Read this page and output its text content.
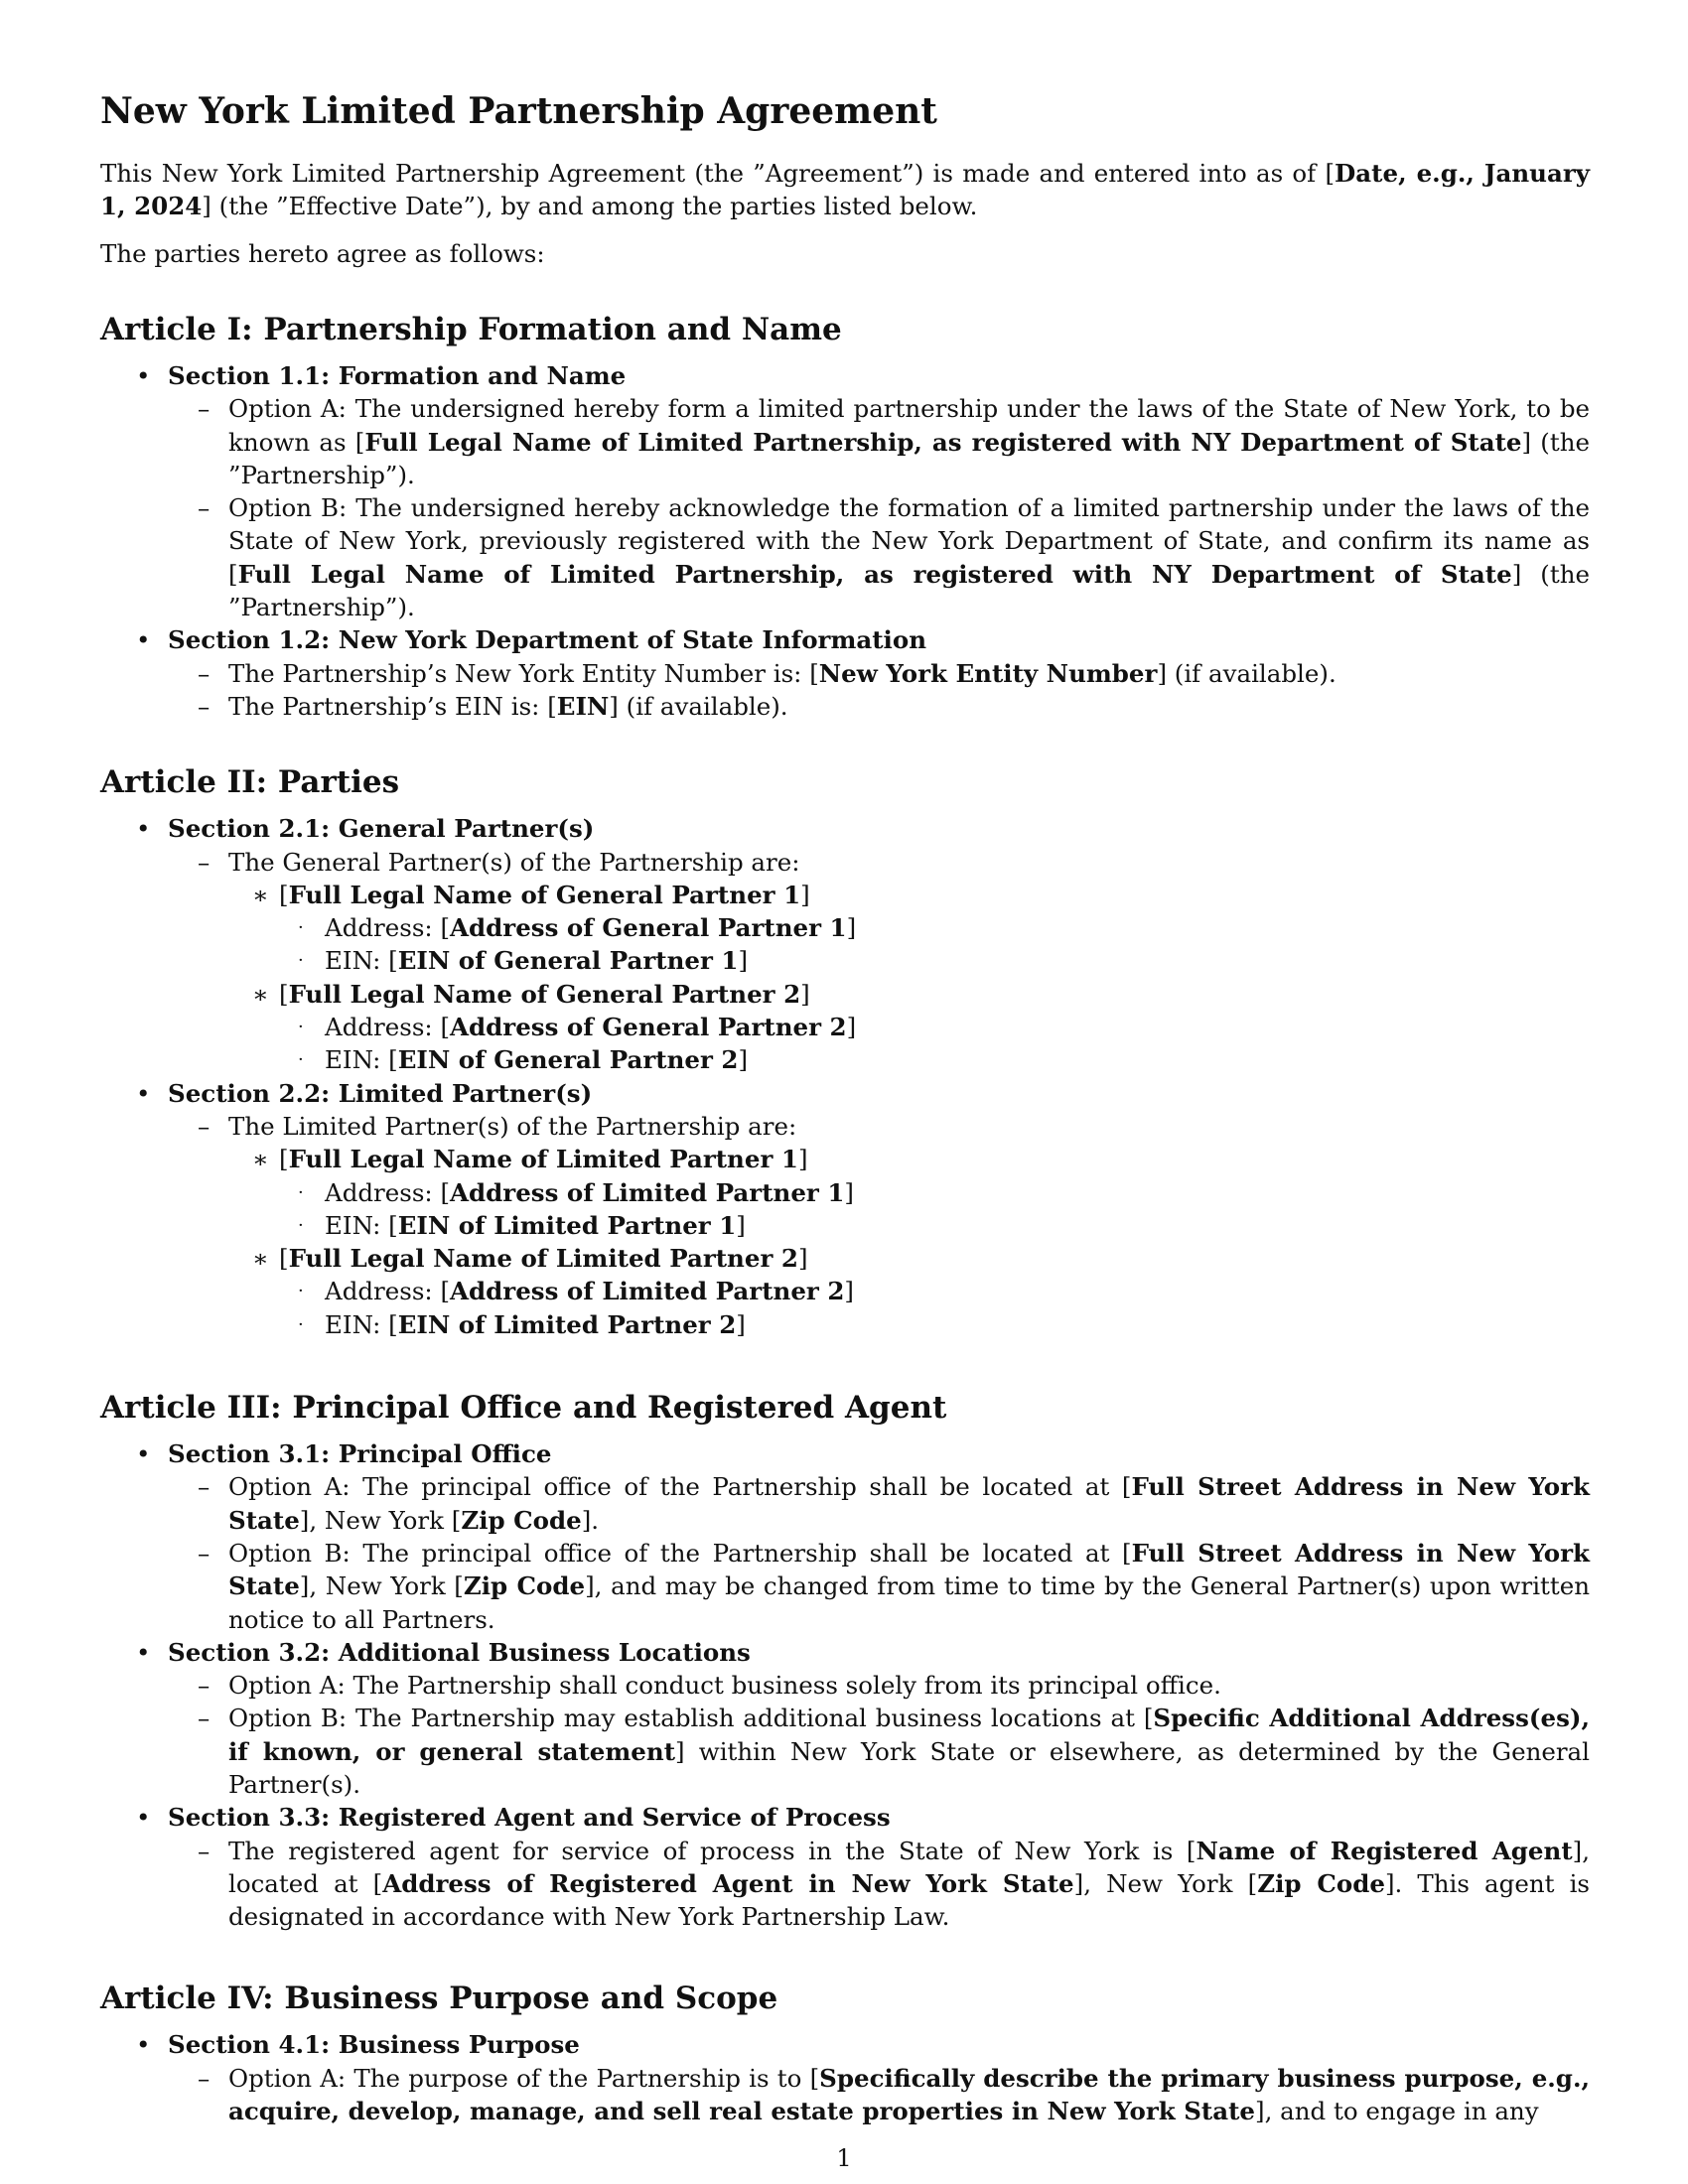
New York Limited Partnership Agreement

This New York Limited Partnership Agreement (the ”Agreement”) is made and entered into as of [Date, e.g., January 1, 2024] (the ”Effective Date”), by and among the parties listed below.

The parties hereto agree as follows:

Article I: Partnership Formation and Name
• Section 1.1: Formation and Name
– Option A: The undersigned hereby form a limited partnership under the laws of the State of New York, to be known as [Full Legal Name of Limited Partnership, as registered with NY Department of State] (the ”Partnership”).
– Option B: The undersigned hereby acknowledge the formation of a limited partnership under the laws of the State of New York, previously registered with the New York Department of State, and confirm its name as [Full Legal Name of Limited Partnership, as registered with NY Department of State] (the ”Partnership”).
• Section 1.2: New York Department of State Information
– The Partnership’s New York Entity Number is: [New York Entity Number] (if available).
– The Partnership’s EIN is: [EIN] (if available).
Article II: Parties
• Section 2.1: General Partner(s)
– The General Partner(s) of the Partnership are:
∗ [Full Legal Name of General Partner 1]
· Address: [Address of General Partner 1]
· EIN: [EIN of General Partner 1]
∗ [Full Legal Name of General Partner 2]
· Address: [Address of General Partner 2]
· EIN: [EIN of General Partner 2]
• Section 2.2: Limited Partner(s)
– The Limited Partner(s) of the Partnership are:
∗ [Full Legal Name of Limited Partner 1]
· Address: [Address of Limited Partner 1]
· EIN: [EIN of Limited Partner 1]
∗ [Full Legal Name of Limited Partner 2]
· Address: [Address of Limited Partner 2]
· EIN: [EIN of Limited Partner 2]
Article III: Principal Office and Registered Agent
• Section 3.1: Principal Office
– Option A: The principal office of the Partnership shall be located at [Full Street Address in New York State], New York [Zip Code].
– Option B: The principal office of the Partnership shall be located at [Full Street Address in New York State], New York [Zip Code], and may be changed from time to time by the General Partner(s) upon written notice to all Partners.
• Section 3.2: Additional Business Locations
– Option A: The Partnership shall conduct business solely from its principal office.
– Option B: The Partnership may establish additional business locations at [Specific Additional Address(es), if known, or general statement] within New York State or elsewhere, as determined by the General Partner(s).
• Section 3.3: Registered Agent and Service of Process
– The registered agent for service of process in the State of New York is [Name of Registered Agent], located at [Address of Registered Agent in New York State], New York [Zip Code]. This agent is designated in accordance with New York Partnership Law.
Article IV: Business Purpose and Scope
• Section 4.1: Business Purpose
– Option A: The purpose of the Partnership is to [Specifically describe the primary business purpose, e.g., acquire, develop, manage, and sell real estate properties in New York State], and to engage in any
1
